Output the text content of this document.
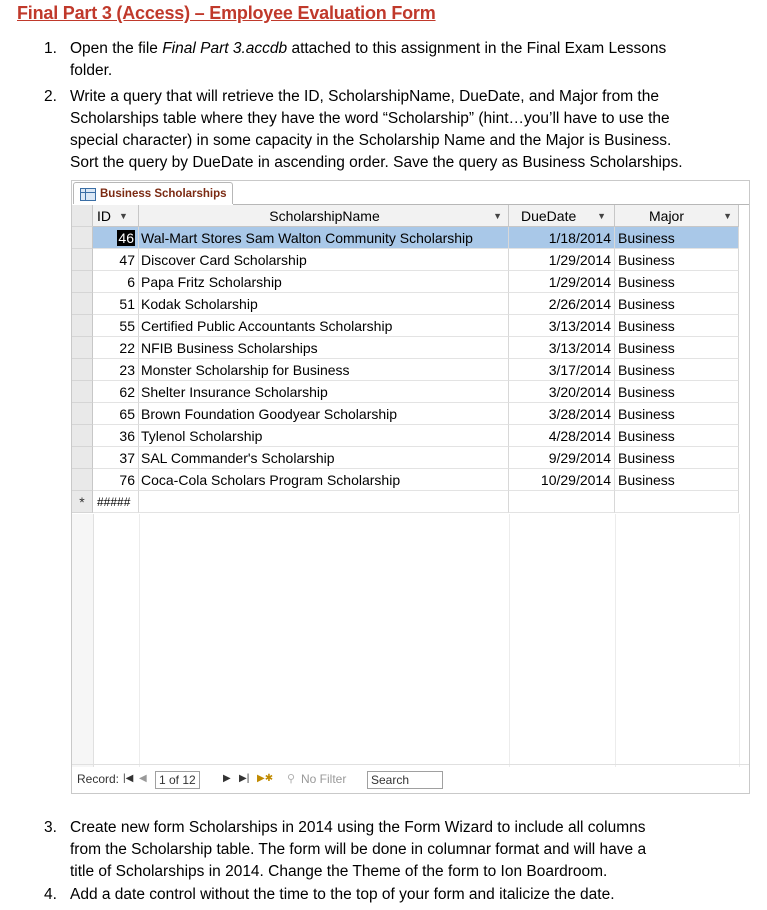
Final Part 3 (Access) – Employee Evaluation Form
1. Open the file Final Part 3.accdb attached to this assignment in the Final Exam Lessons
folder.
2. Write a query that will retrieve the ID, ScholarshipName, DueDate, and Major from the
Scholarships table where they have the word “Scholarship” (hint…you’ll have to use the
special character) in some capacity in the Scholarship Name and the Major is Business.
Sort the query by DueDate in ascending order. Save the query as Business Scholarships.
Business Scholarships
ID ▼	ScholarshipName	▼	DueDate ▼	Major	▼
46 Wal-Mart Stores Sam Walton Community Scholarship	1/18/2014 Business
47 Discover Card Scholarship	1/29/2014 Business
6 Papa Fritz Scholarship	1/29/2014 Business
51 Kodak Scholarship	2/26/2014 Business
55 Certified Public Accountants Scholarship	3/13/2014 Business
22 NFIB Business Scholarships	3/13/2014 Business
23 Monster Scholarship for Business	3/17/2014 Business
62 Shelter Insurance Scholarship	3/20/2014 Business
65 Brown Foundation Goodyear Scholarship	3/28/2014 Business
36 Tylenol Scholarship	4/28/2014 Business
37 SAL Commander's Scholarship	9/29/2014 Business
76 Coca-Cola Scholars Program Scholarship	10/29/2014 Business
*	#####
Record: |◀ ◀	1 of 12	▶ ▶| ▶✱ ⚲ No Filter	Search
3. Create new form Scholarships in 2014 using the Form Wizard to include all columns
from the Scholarship table. The form will be done in columnar format and will have a
title of Scholarships in 2014. Change the Theme of the form to Ion Boardroom.
4. Add a date control without the time to the top of your form and italicize the date.
